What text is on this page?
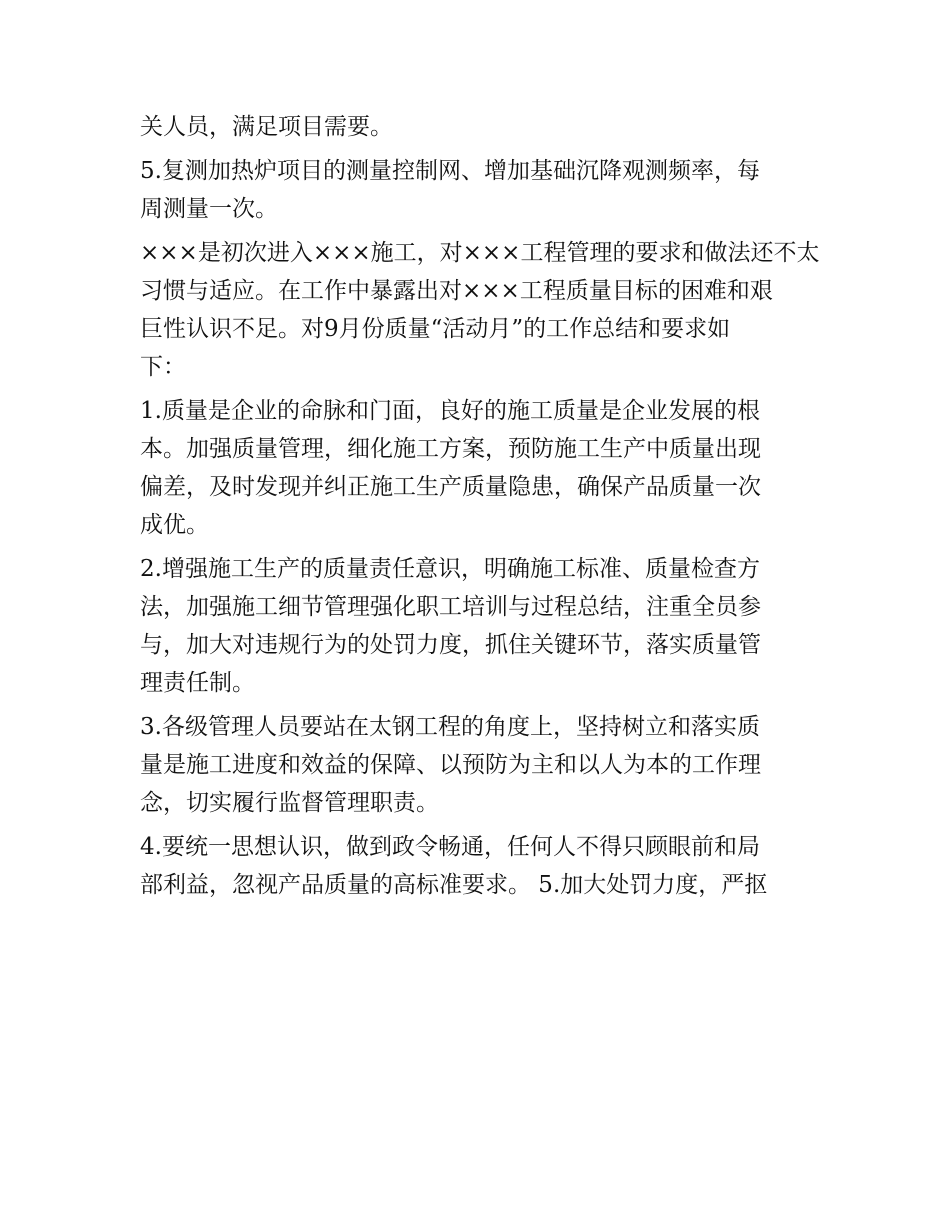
关人员，满足项目需要。
5.复测加热炉项目的测量控制网、增加基础沉降观测频率，每
周测量一次。
×××是初次进入×××施工，对×××工程管理的要求和做法还不太
习惯与适应。在工作中暴露出对×××工程质量目标的困难和艰
巨性认识不足。对9月份质量“活动月”的工作总结和要求如
下：
1.质量是企业的命脉和门面，良好的施工质量是企业发展的根
本。加强质量管理，细化施工方案，预防施工生产中质量出现
偏差，及时发现并纠正施工生产质量隐患，确保产品质量一次
成优。
2.增强施工生产的质量责任意识，明确施工标准、质量检查方
法，加强施工细节管理强化职工培训与过程总结，注重全员参
与，加大对违规行为的处罚力度，抓住关键环节，落实质量管
理责任制。
3.各级管理人员要站在太钢工程的角度上，坚持树立和落实质
量是施工进度和效益的保障、以预防为主和以人为本的工作理
念，切实履行监督管理职责。
4.要统一思想认识，做到政令畅通，任何人不得只顾眼前和局
部利益，忽视产品质量的高标准要求。 5.加大处罚力度，严抠
